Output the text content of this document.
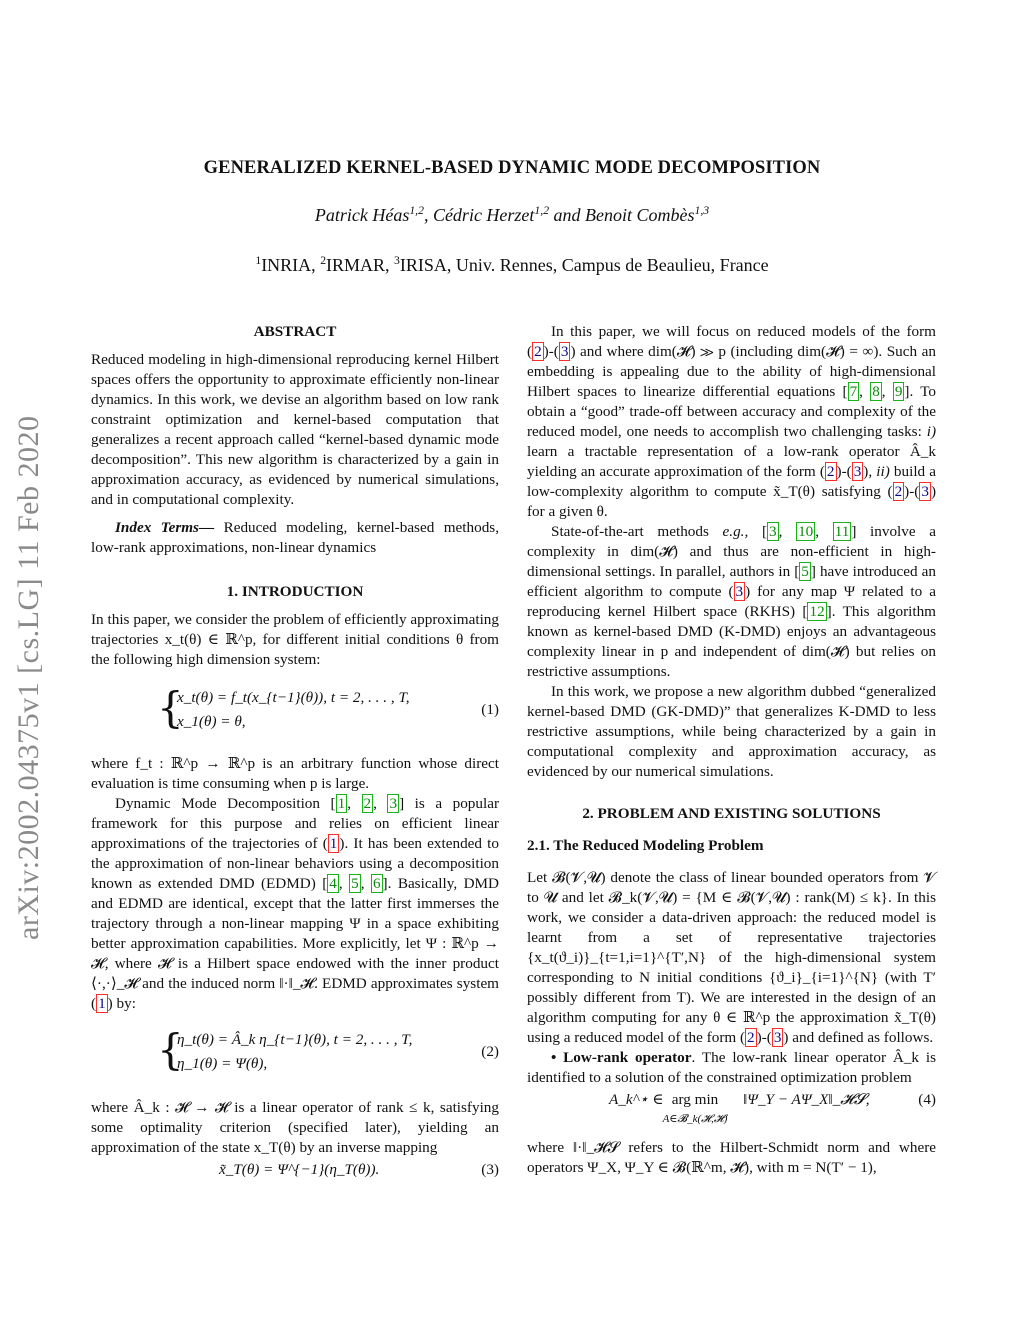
arXiv:2002.04375v1 [cs.LG] 11 Feb 2020
GENERALIZED KERNEL-BASED DYNAMIC MODE DECOMPOSITION
Patrick Héas$^{1,2}$, Cédric Herzet$^{1,2}$ and Benoit Combès$^{1,3}$
$^1$INRIA, $^2$IRMAR, $^3$IRISA, Univ. Rennes, Campus de Beaulieu, France
ABSTRACT

Reduced modeling in high-dimensional reproducing kernel Hilbert spaces offers the opportunity to approximate efficiently non-linear dynamics. In this work, we devise an algorithm based on low rank constraint optimization and kernel-based computation that generalizes a recent approach called “kernel-based dynamic mode decomposition”. This new algorithm is characterized by a gain in approximation accuracy, as evidenced by numerical simulations, and in computational complexity.

Index Terms— Reduced modeling, kernel-based methods, low-rank approximations, non-linear dynamics

1. INTRODUCTION

In this paper, we consider the problem of efficiently approximating trajectories x_t(θ) ∈ ℝ^p, for different initial conditions θ from the following high dimension system:

{
x_t(θ) = f_t(x_{t−1}(θ)), t = 2, . . . , T,
x_1(θ) = θ,
(1)

where f_t : ℝ^p → ℝ^p is an arbitrary function whose direct evaluation is time consuming when p is large.

Dynamic Mode Decomposition [ 1 , 2 , 3 ] is a popular framework for this purpose and relies on efficient linear approximations of the trajectories of ( 1 ). It has been extended to the approximation of non-linear behaviors using a decomposition known as extended DMD (EDMD) [ 4 , 5 , 6 ]. Basically, DMD and EDMD are identical, except that the latter first immerses the trajectory through a non-linear mapping Ψ in a space exhibiting better approximation capabilities. More explicitly, let Ψ : ℝ^p → 𝓗, where 𝓗 is a Hilbert space endowed with the inner product ⟨·,·⟩_𝓗 and the induced norm ‖·‖_𝓗. EDMD approximates system ( 1 ) by:

{
η_t(θ) = Â_k η_{t−1}(θ), t = 2, . . . , T,
η_1(θ) = Ψ(θ),
(2)

where Â_k : 𝓗 → 𝓗 is a linear operator of rank ≤ k, satisfying some optimality criterion (specified later), yielding an approximation of the state x_T(θ) by an inverse mapping

x̃_T(θ) = Ψ^{−1}(η_T(θ)).	(3)

In this paper, we will focus on reduced models of the form ( 2 )-( 3 ) and where dim(𝓗) ≫ p (including dim(𝓗) = ∞). Such an embedding is appealing due to the ability of high-dimensional Hilbert spaces to linearize differential equations [ 7 , 8 , 9 ]. To obtain a “good” trade-off between accuracy and complexity of the reduced model, one needs to accomplish two challenging tasks: i) learn a tractable representation of a low-rank operator Â_k yielding an accurate approximation of the form ( 2 )-( 3 ), ii) build a low-complexity algorithm to compute x̃_T(θ) satisfying ( 2 )-( 3 ) for a given θ.

State-of-the-art methods e.g., [ 3 , 10 , 11 ] involve a complexity in dim(𝓗) and thus are non-efficient in high-dimensional settings. In parallel, authors in [ 5 ] have introduced an efficient algorithm to compute ( 3 ) for any map Ψ related to a reproducing kernel Hilbert space (RKHS) [ 12 ]. This algorithm known as kernel-based DMD (K-DMD) enjoys an advantageous complexity linear in p and independent of dim(𝓗) but relies on restrictive assumptions.

In this work, we propose a new algorithm dubbed “generalized kernel-based DMD (GK-DMD)” that generalizes K-DMD to less restrictive assumptions, while being characterized by a gain in computational complexity and approximation accuracy, as evidenced by our numerical simulations.

2. PROBLEM AND EXISTING SOLUTIONS
2.1. The Reduced Modeling Problem

Let 𝓑(𝓥,𝓤) denote the class of linear bounded operators from 𝓥 to 𝓤 and let 𝓑_k(𝓥,𝓤) = {M ∈ 𝓑(𝓥,𝓤) : rank(M) ≤ k}. In this work, we consider a data-driven approach: the reduced model is learnt from a set of representative trajectories {x_t(ϑ_i)}_{t=1,i=1}^{T′,N} of the high-dimensional system corresponding to N initial conditions {ϑ_i}_{i=1}^{N} (with T′ possibly different from T). We are interested in the design of an algorithm computing for any θ ∈ ℝ^p the approximation x̃_T(θ) using a reduced model of the form ( 2 )-( 3 ) and defined as follows.

• Low-rank operator. The low-rank linear operator Â_k is identified to a solution of the constrained optimization problem

A_k^⋆ ∈ arg min
A∈𝓑_k(𝓗,𝓗)
‖Ψ_Y − AΨ_X‖_𝓗𝓢,	(4)

where ‖·‖_𝓗𝓢 refers to the Hilbert-Schmidt norm and where operators Ψ_X, Ψ_Y ∈ 𝓑(ℝ^m, 𝓗), with m = N(T′ − 1),
